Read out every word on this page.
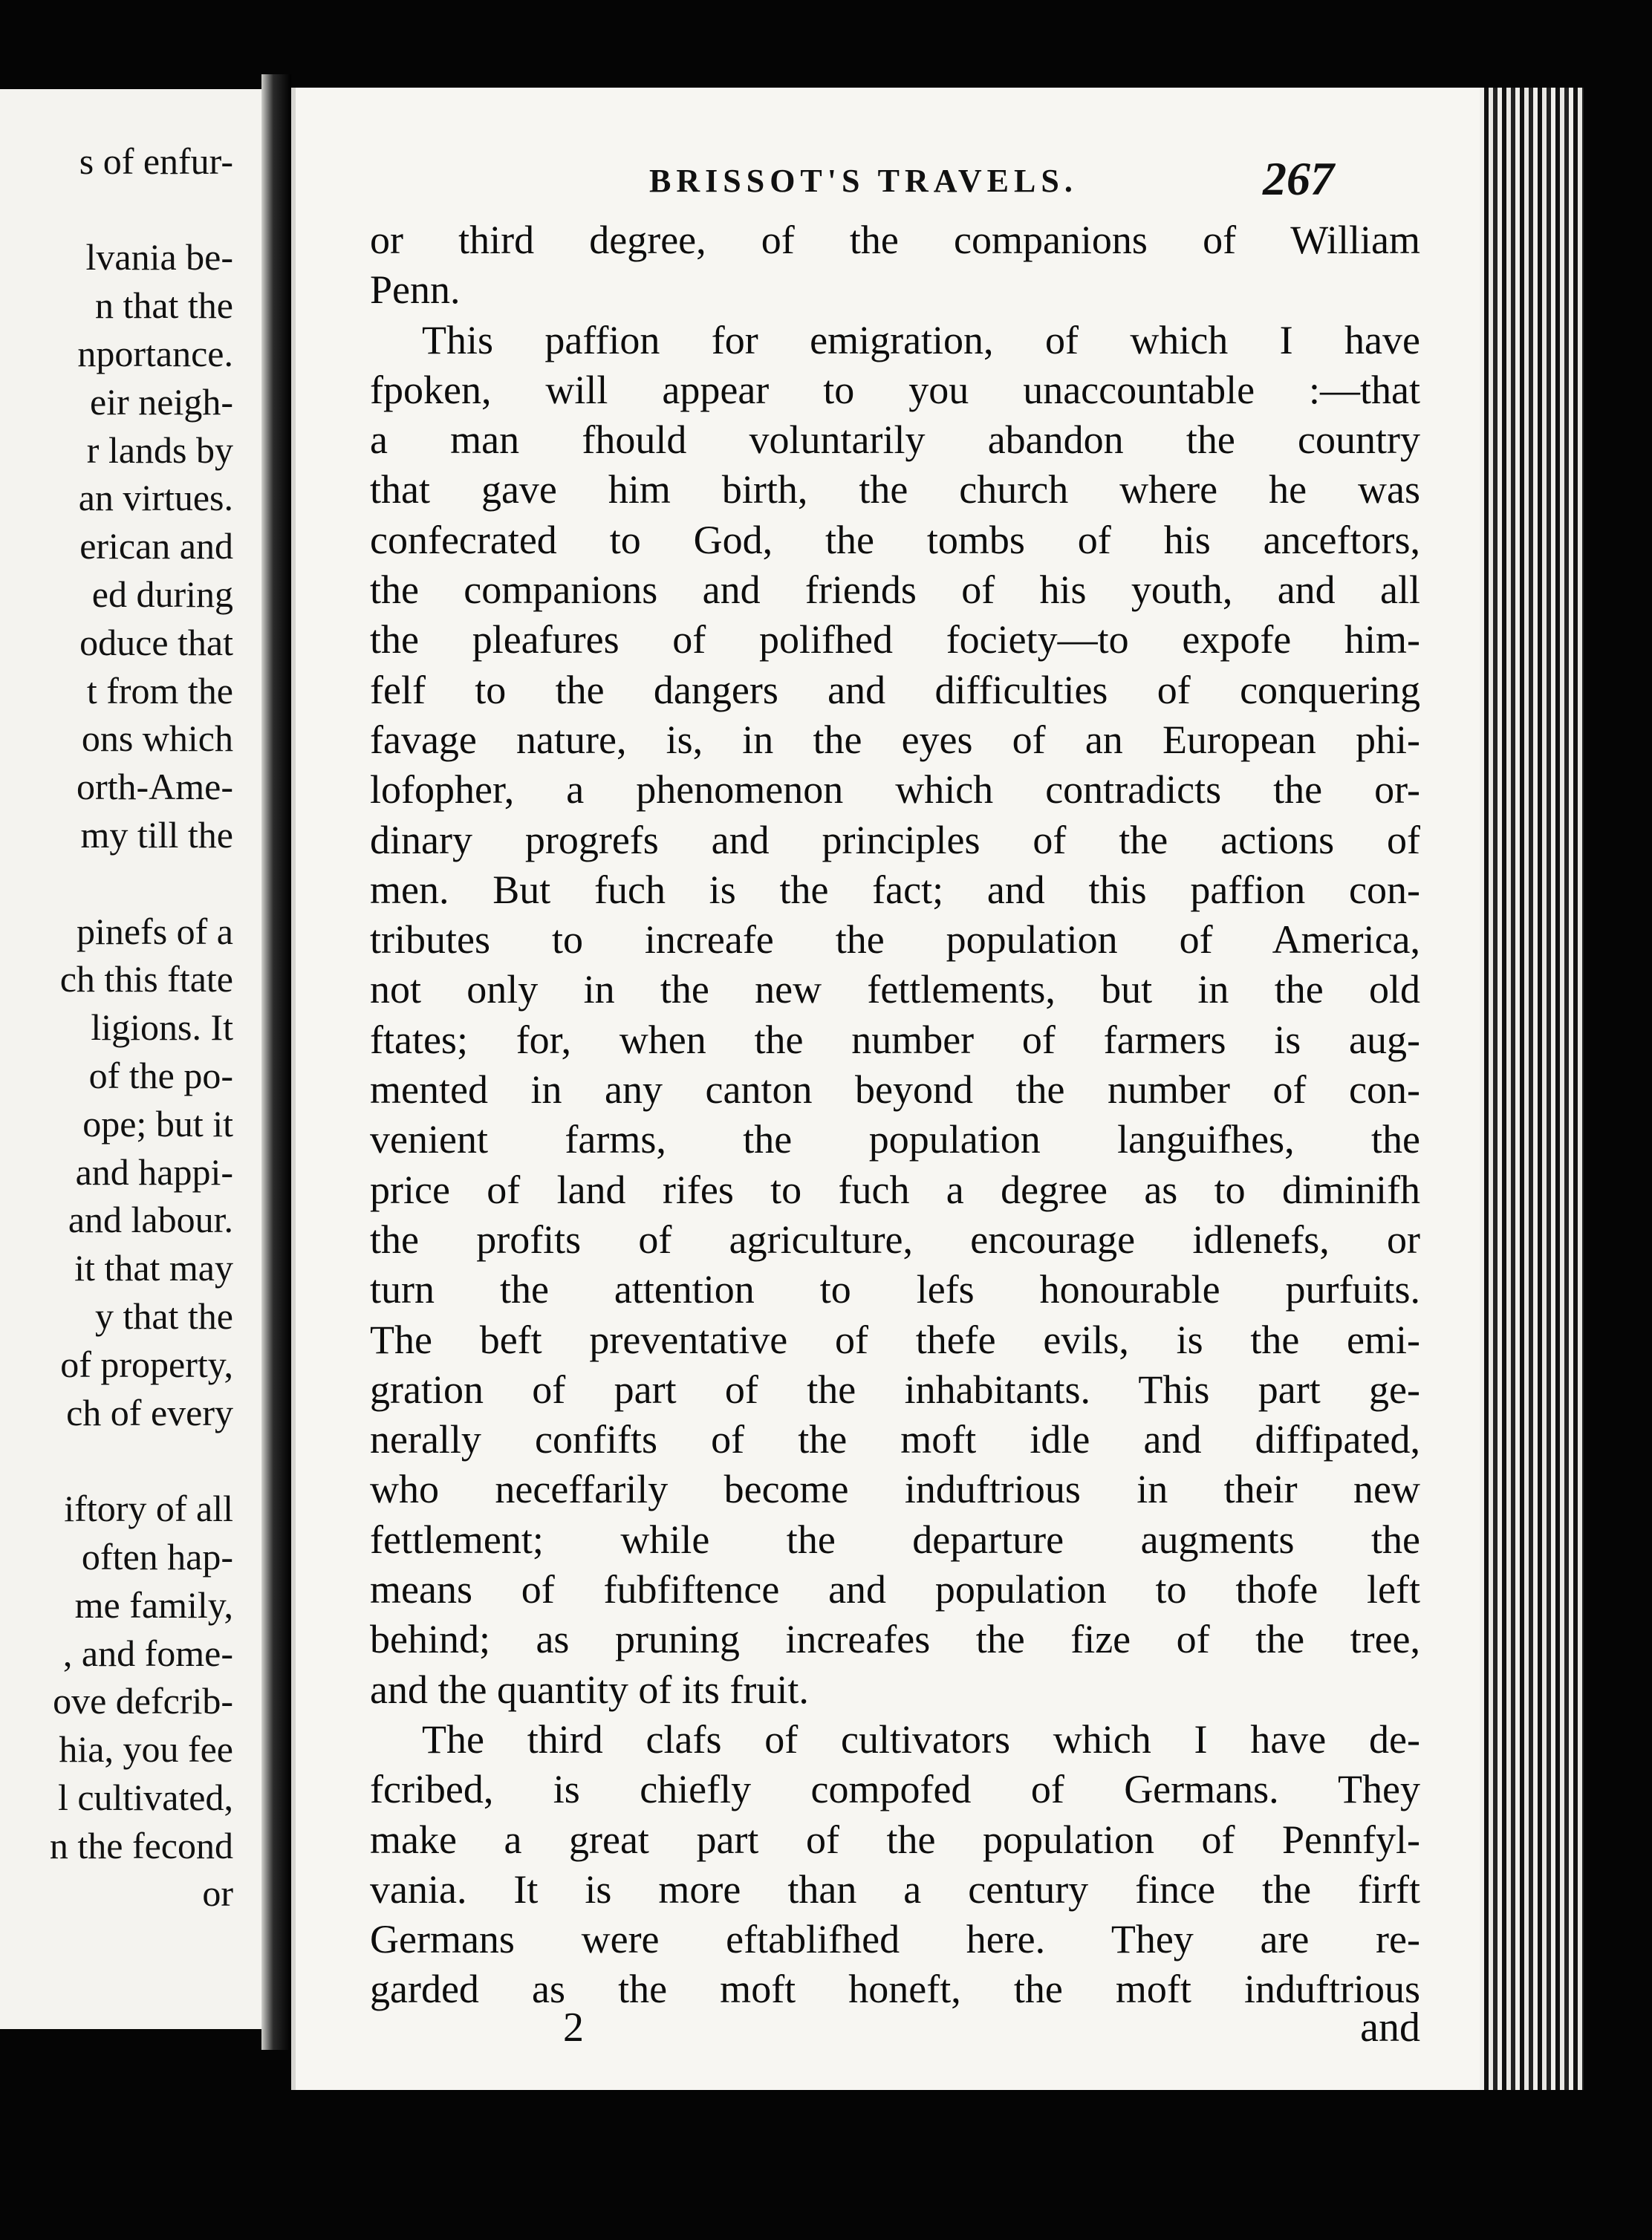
s of enfur-
lvania be-
n that the
nportance.
eir neigh-
r lands by
an virtues.
erican and
ed during
oduce that
t from the
ons which
orth-Ame-
my till the
pinefs of a
ch this ftate
ligions. It
of the po-
ope; but it
and happi-
and labour.
it that may
y that the
of property,
ch of every
iftory of all
often hap-
me family,
, and fome-
ove defcrib-
hia, you fee
l cultivated,
n the fecond
or
BRISSOT'S TRAVELS.	267
or third degree, of the companions of William
Penn.
This paffion for emigration, of which I have
fpoken, will appear to you unaccountable :—that
a man fhould voluntarily abandon the country
that gave him birth, the church where he was
confecrated to God, the tombs of his anceftors,
the companions and friends of his youth, and all
the pleafures of polifhed fociety—to expofe him-
felf to the dangers and difficulties of conquering
favage nature, is, in the eyes of an European phi-
lofopher, a phenomenon which contradicts the or-
dinary progrefs and principles of the actions of
men. But fuch is the fact; and this paffion con-
tributes to increafe the population of America,
not only in the new fettlements, but in the old
ftates; for, when the number of farmers is aug-
mented in any canton beyond the number of con-
venient farms, the population languifhes, the
price of land rifes to fuch a degree as to diminifh
the profits of agriculture, encourage idlenefs, or
turn the attention to lefs honourable purfuits.
The beft preventative of thefe evils, is the emi-
gration of part of the inhabitants. This part ge-
nerally confifts of the moft idle and diffipated,
who neceffarily become induftrious in their new
fettlement; while the departure augments the
means of fubfiftence and population to thofe left
behind; as pruning increafes the fize of the tree,
and the quantity of its fruit.
The third clafs of cultivators which I have de-
fcribed, is chiefly compofed of Germans. They
make a great part of the population of Pennfyl-
vania. It is more than a century fince the firft
Germans were eftablifhed here. They are re-
garded as the moft honeft, the moft induftrious
2	and
